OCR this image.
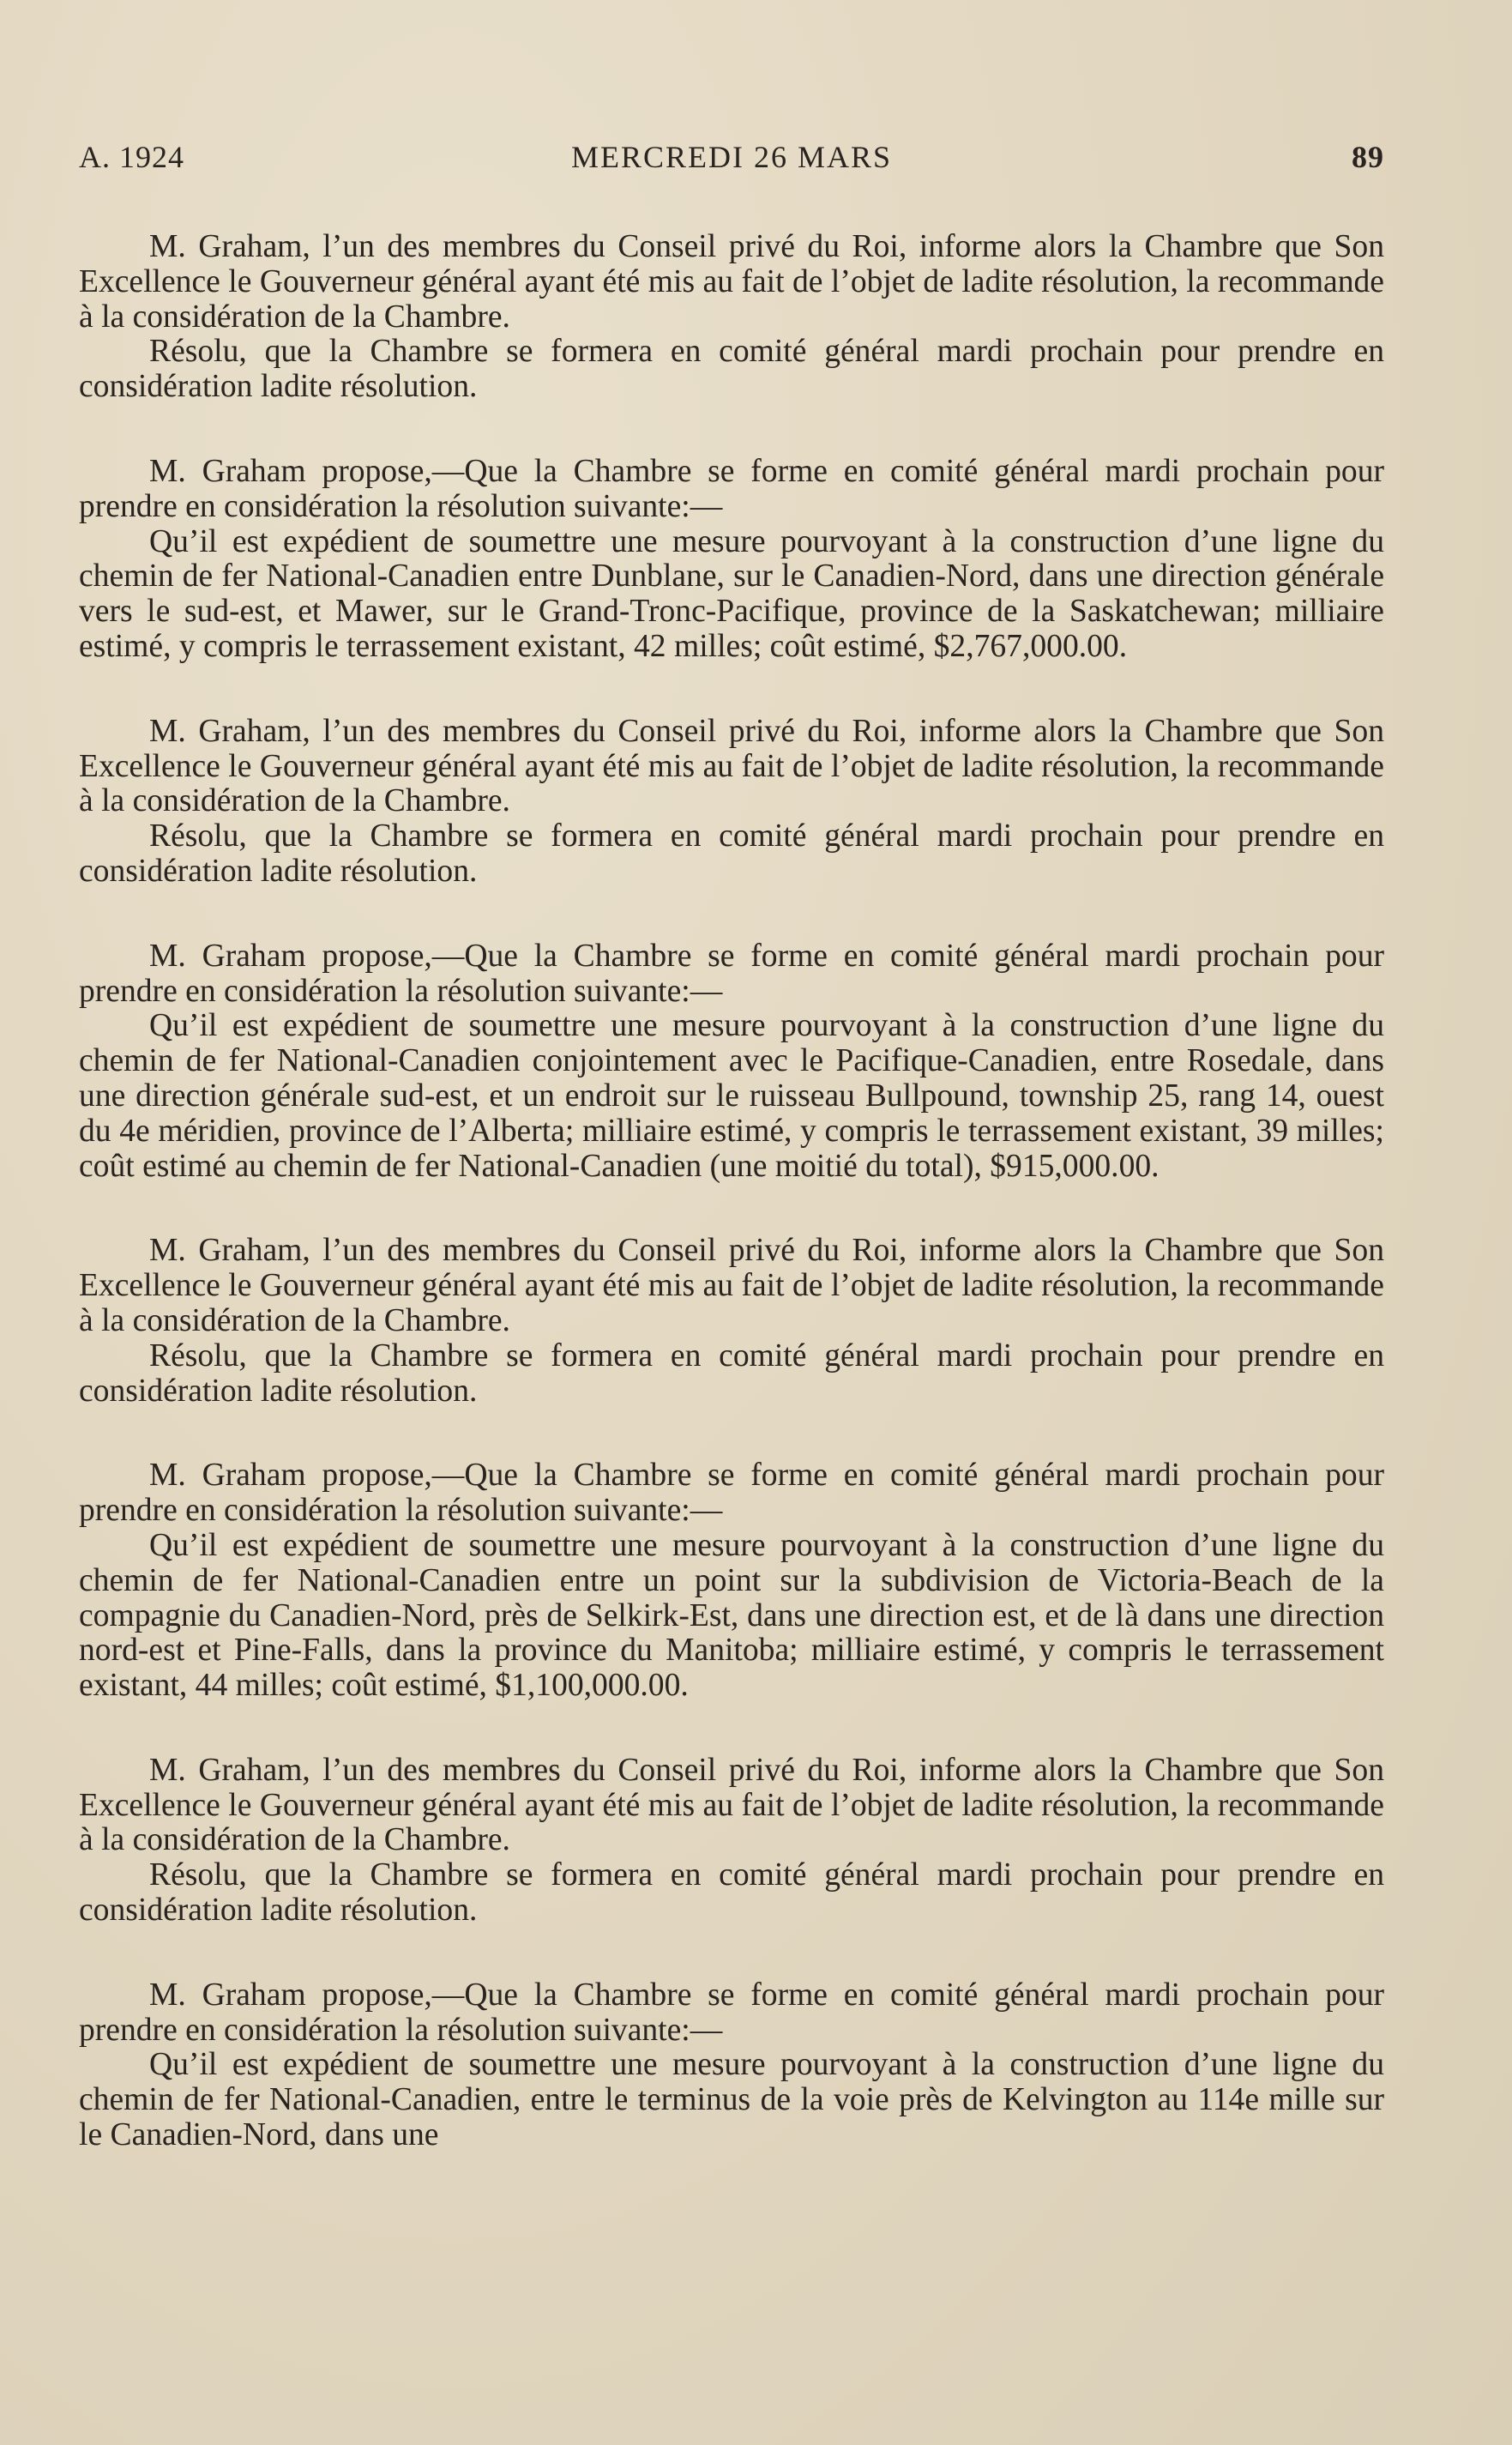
A. 1924	MERCREDI 26 MARS	89

M. Graham, l’un des membres du Conseil privé du Roi, informe alors la Chambre que Son Excellence le Gouverneur général ayant été mis au fait de l’objet de ladite résolution, la recommande à la considération de la Chambre.

Résolu, que la Chambre se formera en comité général mardi prochain pour prendre en considération ladite résolution.

M. Graham propose,—Que la Chambre se forme en comité général mardi prochain pour prendre en considération la résolution suivante:—

Qu’il est expédient de soumettre une mesure pourvoyant à la construction d’une ligne du chemin de fer National-Canadien entre Dunblane, sur le Canadien-Nord, dans une direction générale vers le sud-est, et Mawer, sur le Grand-Tronc-Pacifique, province de la Saskatchewan; milliaire estimé, y compris le terrassement existant, 42 milles; coût estimé, $2,767,000.00.

M. Graham, l’un des membres du Conseil privé du Roi, informe alors la Chambre que Son Excellence le Gouverneur général ayant été mis au fait de l’objet de ladite résolution, la recommande à la considération de la Chambre.

Résolu, que la Chambre se formera en comité général mardi prochain pour prendre en considération ladite résolution.

M. Graham propose,—Que la Chambre se forme en comité général mardi prochain pour prendre en considération la résolution suivante:—

Qu’il est expédient de soumettre une mesure pourvoyant à la construction d’une ligne du chemin de fer National-Canadien conjointement avec le Pacifique-Canadien, entre Rosedale, dans une direction générale sud-est, et un endroit sur le ruisseau Bullpound, township 25, rang 14, ouest du 4e méridien, province de l’Alberta; milliaire estimé, y compris le terrassement existant, 39 milles; coût estimé au chemin de fer National-Canadien (une moitié du total), $915,000.00.

M. Graham, l’un des membres du Conseil privé du Roi, informe alors la Chambre que Son Excellence le Gouverneur général ayant été mis au fait de l’objet de ladite résolution, la recommande à la considération de la Chambre.

Résolu, que la Chambre se formera en comité général mardi prochain pour prendre en considération ladite résolution.

M. Graham propose,—Que la Chambre se forme en comité général mardi prochain pour prendre en considération la résolution suivante:—

Qu’il est expédient de soumettre une mesure pourvoyant à la construction d’une ligne du chemin de fer National-Canadien entre un point sur la subdivision de Victoria-Beach de la compagnie du Canadien-Nord, près de Selkirk-Est, dans une direction est, et de là dans une direction nord-est et Pine-Falls, dans la province du Manitoba; milliaire estimé, y compris le terrassement existant, 44 milles; coût estimé, $1,100,000.00.

M. Graham, l’un des membres du Conseil privé du Roi, informe alors la Chambre que Son Excellence le Gouverneur général ayant été mis au fait de l’objet de ladite résolution, la recommande à la considération de la Chambre.

Résolu, que la Chambre se formera en comité général mardi prochain pour prendre en considération ladite résolution.

M. Graham propose,—Que la Chambre se forme en comité général mardi prochain pour prendre en considération la résolution suivante:—

Qu’il est expédient de soumettre une mesure pourvoyant à la construction d’une ligne du chemin de fer National-Canadien, entre le terminus de la voie près de Kelvington au 114e mille sur le Canadien-Nord, dans une
